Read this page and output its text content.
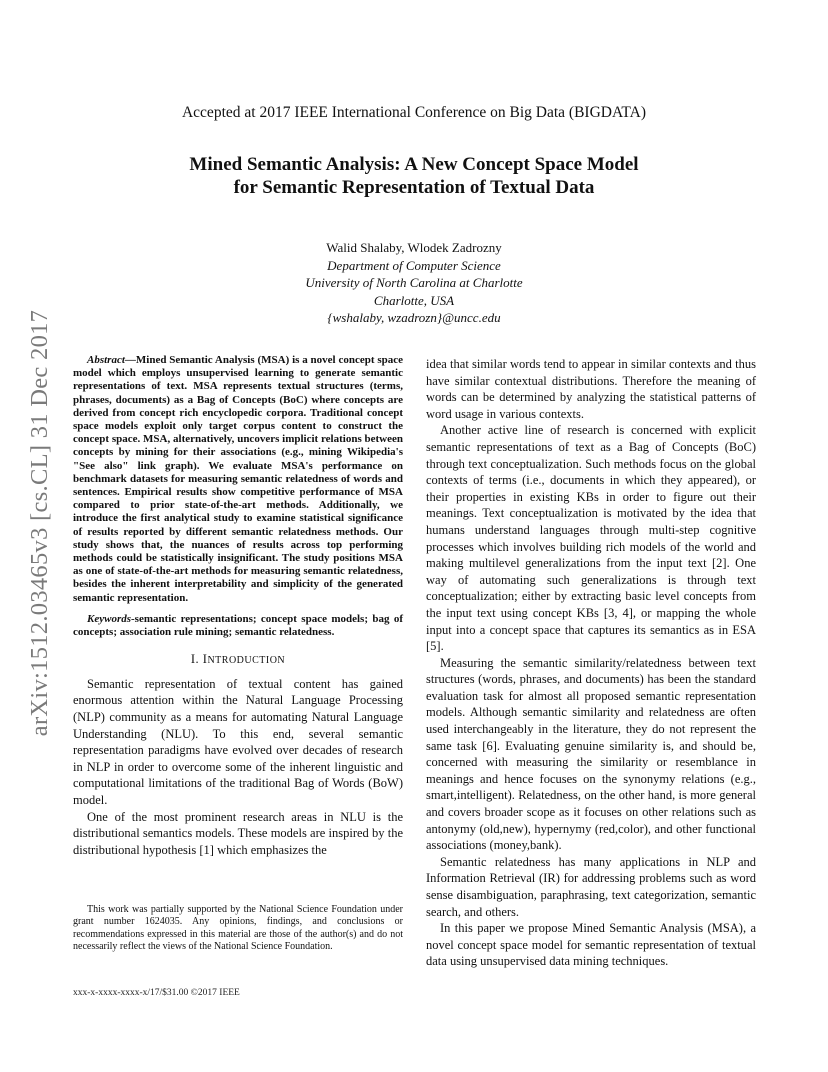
arXiv:1512.03465v3 [cs.CL] 31 Dec 2017
Accepted at 2017 IEEE International Conference on Big Data (BIGDATA)
Mined Semantic Analysis: A New Concept Space Model
for Semantic Representation of Textual Data
Walid Shalaby, Wlodek Zadrozny
Department of Computer Science
University of North Carolina at Charlotte
Charlotte, USA
{wshalaby, wzadrozn}@uncc.edu

Abstract—Mined Semantic Analysis (MSA) is a novel concept space model which employs unsupervised learning to generate semantic representations of text. MSA represents textual structures (terms, phrases, documents) as a Bag of Concepts (BoC) where concepts are derived from concept rich encyclopedic corpora. Traditional concept space models exploit only target corpus content to construct the concept space. MSA, alternatively, uncovers implicit relations between concepts by mining for their associations (e.g., mining Wikipedia's "See also" link graph). We evaluate MSA's performance on benchmark datasets for measuring semantic relatedness of words and sentences. Empirical results show competitive performance of MSA compared to prior state-of-the-art methods. Additionally, we introduce the first analytical study to examine statistical significance of results reported by different semantic relatedness methods. Our study shows that, the nuances of results across top performing methods could be statistically insignificant. The study positions MSA as one of state-of-the-art methods for measuring semantic relatedness, besides the inherent interpretability and simplicity of the generated semantic representation.

Keywords-semantic representations; concept space models; bag of concepts; association rule mining; semantic relatedness.

I. INTRODUCTION

Semantic representation of textual content has gained enormous attention within the Natural Language Processing (NLP) community as a means for automating Natural Language Understanding (NLU). To this end, several semantic representation paradigms have evolved over decades of research in NLP in order to overcome some of the inherent linguistic and computational limitations of the traditional Bag of Words (BoW) model.

One of the most prominent research areas in NLU is the distributional semantics models. These models are inspired by the distributional hypothesis [1] which emphasizes the

This work was partially supported by the National Science Foundation under grant number 1624035. Any opinions, findings, and conclusions or recommendations expressed in this material are those of the author(s) and do not necessarily reflect the views of the National Science Foundation.
xxx-x-xxxx-xxxx-x/17/$31.00 ©2017 IEEE

idea that similar words tend to appear in similar contexts and thus have similar contextual distributions. Therefore the meaning of words can be determined by analyzing the statistical patterns of word usage in various contexts.

Another active line of research is concerned with explicit semantic representations of text as a Bag of Concepts (BoC) through text conceptualization. Such methods focus on the global contexts of terms (i.e., documents in which they appeared), or their properties in existing KBs in order to figure out their meanings. Text conceptualization is motivated by the idea that humans understand languages through multi-step cognitive processes which involves building rich models of the world and making multilevel generalizations from the input text [2]. One way of automating such generalizations is through text conceptualization; either by extracting basic level concepts from the input text using concept KBs [3, 4], or mapping the whole input into a concept space that captures its semantics as in ESA [5].

Measuring the semantic similarity/relatedness between text structures (words, phrases, and documents) has been the standard evaluation task for almost all proposed semantic representation models. Although semantic similarity and relatedness are often used interchangeably in the literature, they do not represent the same task [6]. Evaluating genuine similarity is, and should be, concerned with measuring the similarity or resemblance in meanings and hence focuses on the synonymy relations (e.g., smart,intelligent). Relatedness, on the other hand, is more general and covers broader scope as it focuses on other relations such as antonymy (old,new), hypernymy (red,color), and other functional associations (money,bank).

Semantic relatedness has many applications in NLP and Information Retrieval (IR) for addressing problems such as word sense disambiguation, paraphrasing, text categorization, semantic search, and others.

In this paper we propose Mined Semantic Analysis (MSA), a novel concept space model for semantic representation of textual data using unsupervised data mining techniques.
